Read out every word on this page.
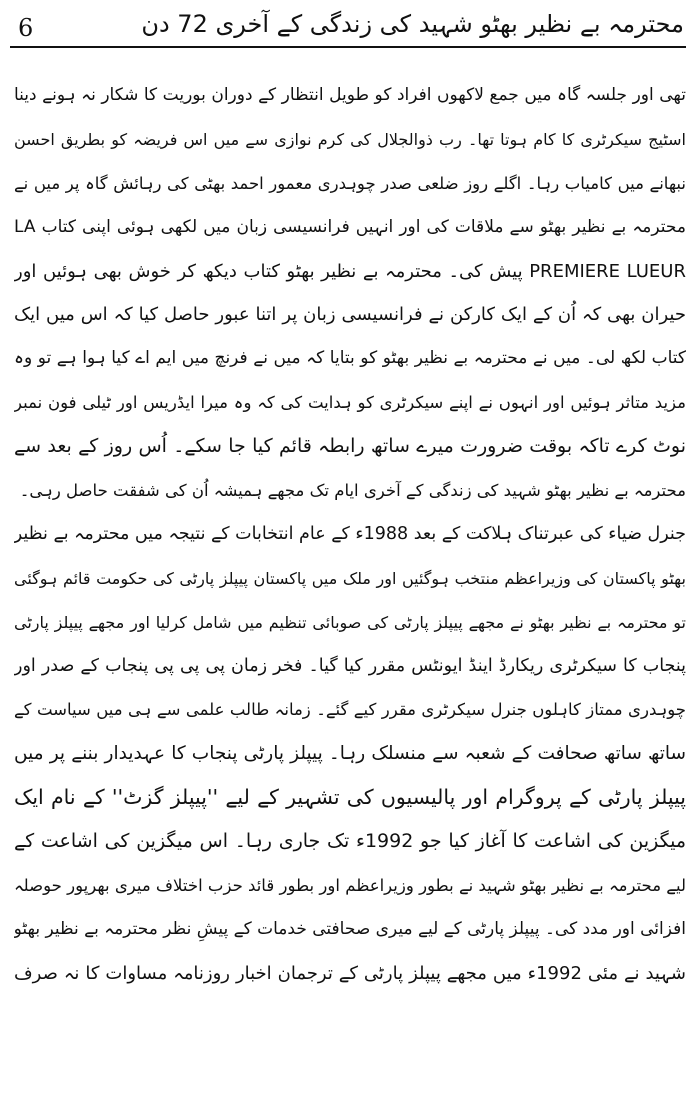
6	محترمہ بے نظیر بھٹو شہید کی زندگی کے آخری 72 دن
تھی اور جلسہ گاہ میں جمع لاکھوں افراد کو طویل انتظار کے دوران بوریت کا شکار نہ ہونے دینا
اسٹیج سیکرٹری کا کام ہوتا تھا۔ رب ذوالجلال کی کرم نوازی سے میں اس فریضہ کو بطریق احسن
نبھانے میں کامیاب رہا۔ اگلے روز ضلعی صدر چوہدری معمور احمد بھٹی کی رہائش گاہ پر میں نے
محترمہ بے نظیر بھٹو سے ملاقات کی اور انہیں فرانسیسی زبان میں لکھی ہوئی اپنی کتاب LA
PREMIERE LUEUR پیش کی۔ محترمہ بے نظیر بھٹو کتاب دیکھ کر خوش بھی ہوئیں اور
حیران بھی کہ اُن کے ایک کارکن نے فرانسیسی زبان پر اتنا عبور حاصل کیا کہ اس میں ایک
کتاب لکھ لی۔ میں نے محترمہ بے نظیر بھٹو کو بتایا کہ میں نے فرنچ میں ایم اے کیا ہوا ہے تو وہ
مزید متاثر ہوئیں اور انہوں نے اپنے سیکرٹری کو ہدایت کی کہ وہ میرا ایڈریس اور ٹیلی فون نمبر
نوٹ کرے تاکہ بوقت ضرورت میرے ساتھ رابطہ قائم کیا جا سکے۔ اُس روز کے بعد سے
محترمہ بے نظیر بھٹو شہید کی زندگی کے آخری ایام تک مجھے ہمیشہ اُن کی شفقت حاصل رہی۔
جنرل ضیاء کی عبرتناک ہلاکت کے بعد 1988ء کے عام انتخابات کے نتیجہ میں محترمہ بے نظیر
بھٹو پاکستان کی وزیراعظم منتخب ہوگئیں اور ملک میں پاکستان پیپلز پارٹی کی حکومت قائم ہوگئی
تو محترمہ بے نظیر بھٹو نے مجھے پیپلز پارٹی کی صوبائی تنظیم میں شامل کرلیا اور مجھے پیپلز پارٹی
پنجاب کا سیکرٹری ریکارڈ اینڈ ایونٹس مقرر کیا گیا۔ فخر زمان پی پی پی پنجاب کے صدر اور
چوہدری ممتاز کاہلوں جنرل سیکرٹری مقرر کیے گئے۔ زمانہ طالب علمی سے ہی میں سیاست کے
ساتھ ساتھ صحافت کے شعبہ سے منسلک رہا۔ پیپلز پارٹی پنجاب کا عہدیدار بننے پر میں
پیپلز پارٹی کے پروگرام اور پالیسیوں کی تشہیر کے لیے ''پیپلز گزٹ'' کے نام ایک
میگزین کی اشاعت کا آغاز کیا جو 1992ء تک جاری رہا۔ اس میگزین کی اشاعت کے
لیے محترمہ بے نظیر بھٹو شہید نے بطور وزیراعظم اور بطور قائد حزب اختلاف میری بھرپور حوصلہ
افزائی اور مدد کی۔ پیپلز پارٹی کے لیے میری صحافتی خدمات کے پیشِ نظر محترمہ بے نظیر بھٹو
شہید نے مئی 1992ء میں مجھے پیپلز پارٹی کے ترجمان اخبار روزنامہ مساوات کا نہ صرف
